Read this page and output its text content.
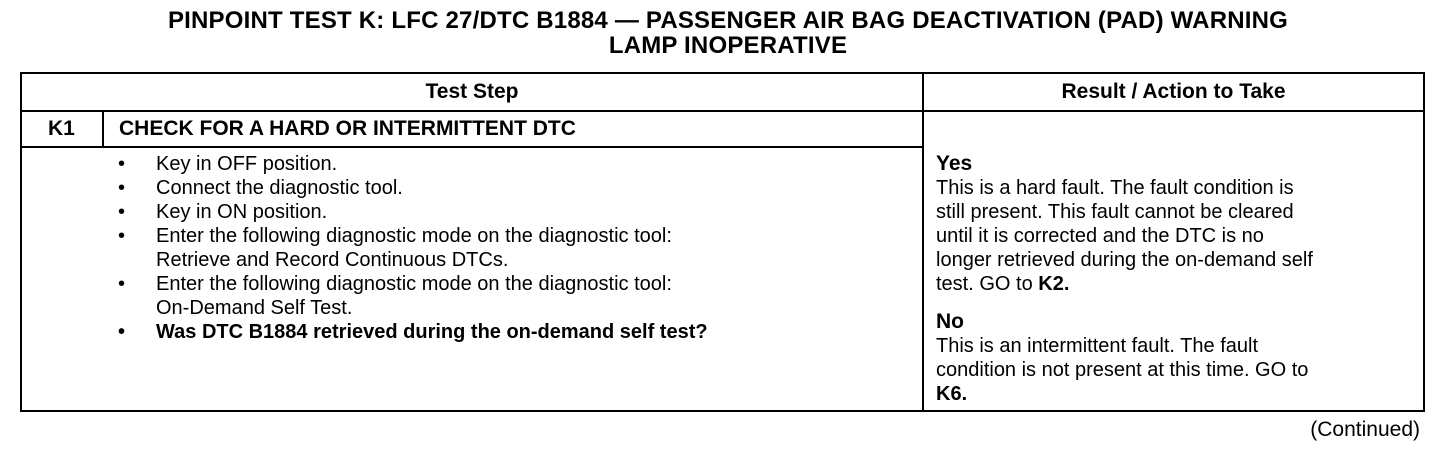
PINPOINT TEST K: LFC 27/DTC B1884 — PASSENGER AIR BAG DEACTIVATION (PAD) WARNING
LAMP INOPERATIVE
Test Step	Result / Action to Take
K1 CHECK FOR A HARD OR INTERMITTENT DTC
• Key in OFF position.
• Connect the diagnostic tool.
• Key in ON position.
• Enter the following diagnostic mode on the diagnostic tool:
Retrieve and Record Continuous DTCs.
• Enter the following diagnostic mode on the diagnostic tool:
On-Demand Self Test.
• Was DTC B1884 retrieved during the on-demand self test?
Yes
This is a hard fault. The fault condition is
still present. This fault cannot be cleared
until it is corrected and the DTC is no
longer retrieved during the on-demand self
test. GO to K2.
No
This is an intermittent fault. The fault
condition is not present at this time. GO to
K6.
(Continued)
